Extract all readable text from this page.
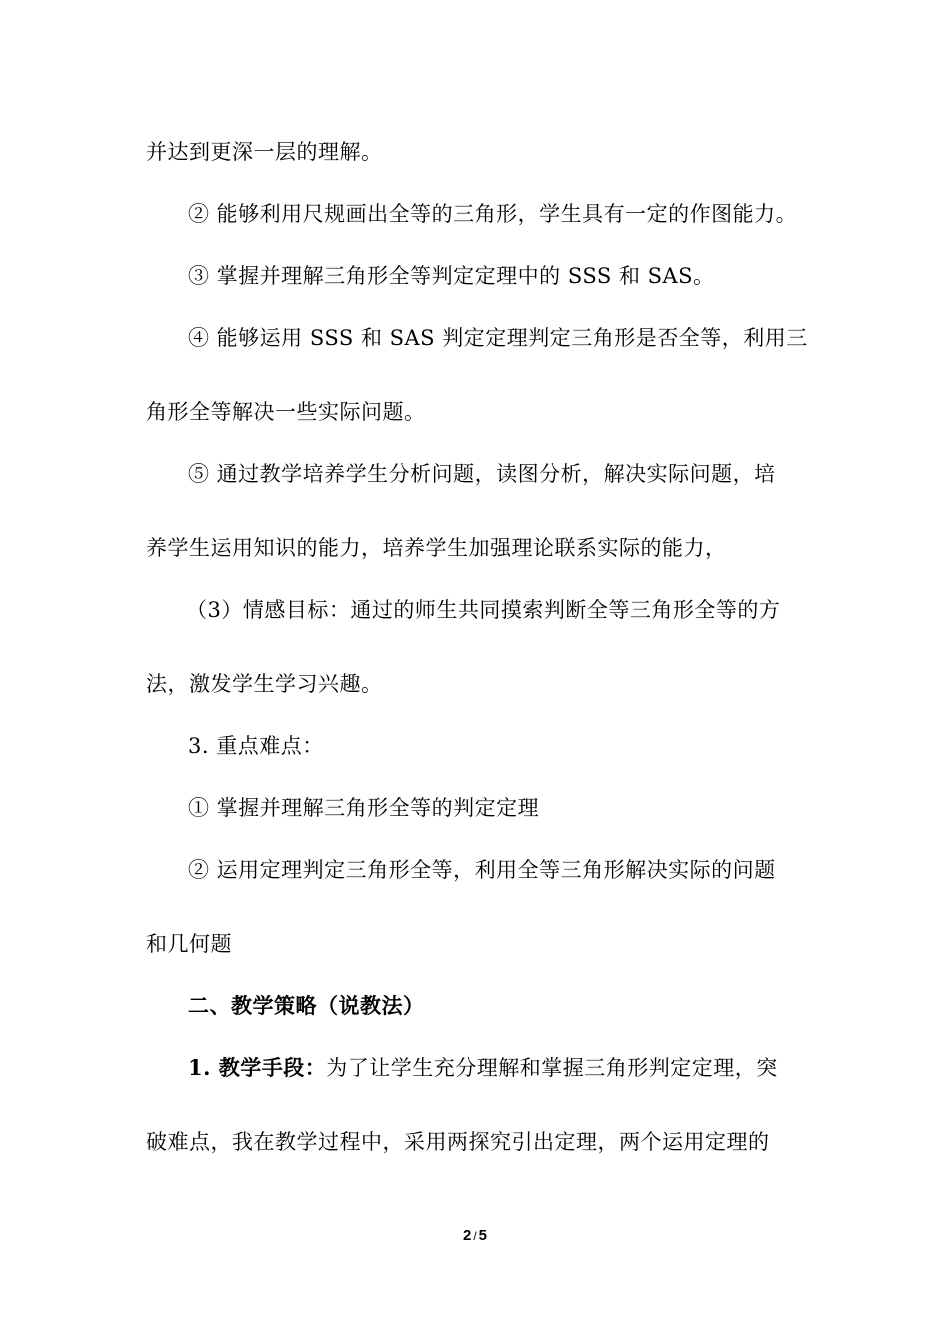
并达到更深一层的理解。
② 能够利用尺规画出全等的三角形，学生具有一定的作图能力。
③ 掌握并理解三角形全等判定定理中的 SSS 和 SAS。
④ 能够运用 SSS 和 SAS 判定定理判定三角形是否全等，利用三
角形全等解决一些实际问题。
⑤ 通过教学培养学生分析问题，读图分析，解决实际问题，培
养学生运用知识的能力，培养学生加强理论联系实际的能力，
（3）情感目标：通过的师生共同摸索判断全等三角形全等的方
法，激发学生学习兴趣。
3. 重点难点：
① 掌握并理解三角形全等的判定定理
② 运用定理判定三角形全等，利用全等三角形解决实际的问题
和几何题
二、教学策略（说教法）
1. 教学手段：为了让学生充分理解和掌握三角形判定定理，突
破难点，我在教学过程中，采用两探究引出定理，两个运用定理的
2 / 5
